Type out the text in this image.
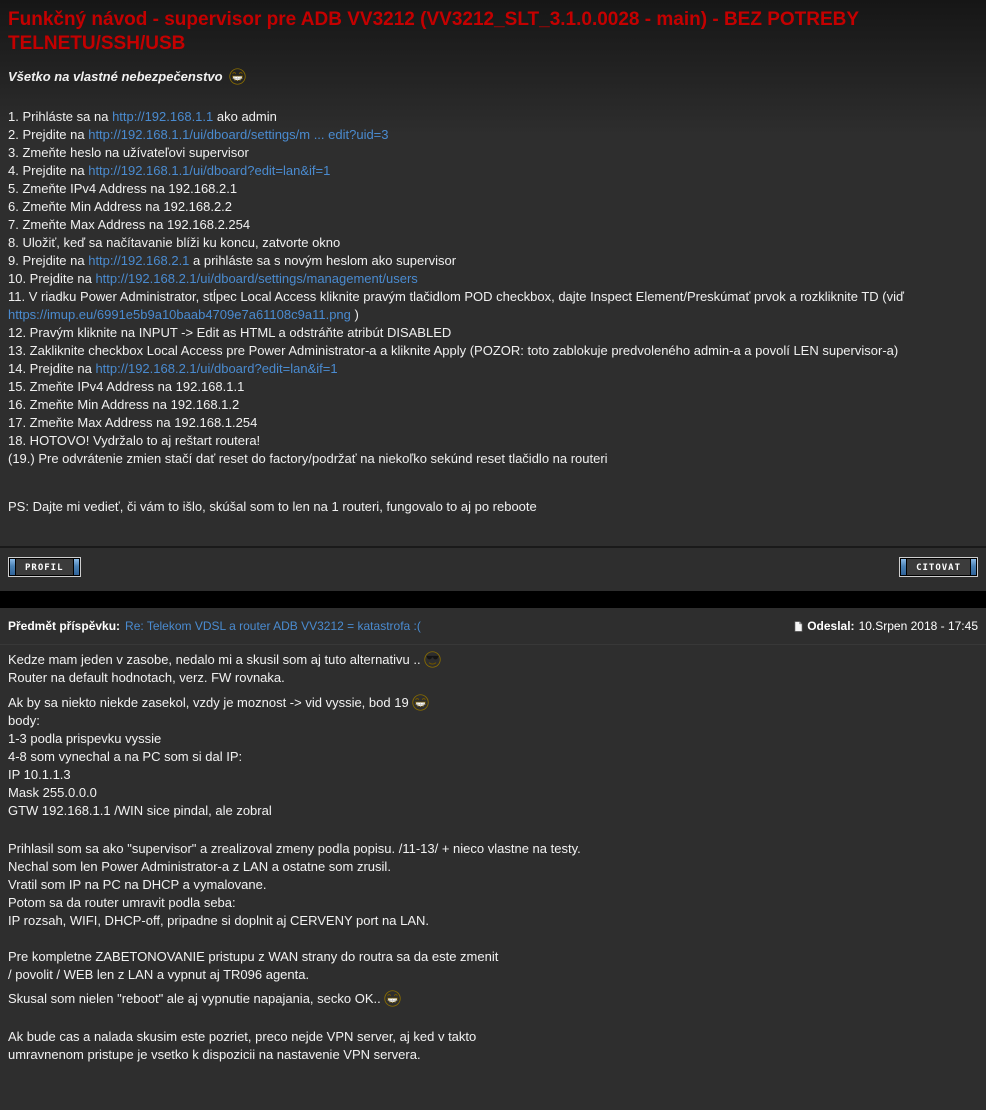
Funkčný návod - supervisor pre ADB VV3212 (VV3212_SLT_3.1.0.0028 - main) - BEZ POTREBY TELNETU/SSH/USB
Všetko na vlastné nebezpečenstvo
1. Prihláste sa na http://192.168.1.1 ako admin
2. Prejdite na http://192.168.1.1/ui/dboard/settings/m ... edit?uid=3
3. Zmeňte heslo na užívateľovi supervisor
4. Prejdite na http://192.168.1.1/ui/dboard?edit=lan&if=1
5. Zmeňte IPv4 Address na 192.168.2.1
6. Zmeňte Min Address na 192.168.2.2
7. Zmeňte Max Address na 192.168.2.254
8. Uložiť, keď sa načítavanie blíži ku koncu, zatvorte okno
9. Prejdite na http://192.168.2.1 a prihláste sa s novým heslom ako supervisor
10. Prejdite na http://192.168.2.1/ui/dboard/settings/management/users
11. V riadku Power Administrator, stĺpec Local Access kliknite pravým tlačidlom POD checkbox, dajte Inspect Element/Preskúmať prvok a rozkliknite TD (viď https://imup.eu/6991e5b9a10baab4709e7a61108c9a11.png )
12. Pravým kliknite na INPUT -> Edit as HTML a odstráňte atribút DISABLED
13. Zakliknite checkbox Local Access pre Power Administrator-a a kliknite Apply (POZOR: toto zablokuje predvoleného admin-a a povolí LEN supervisor-a)
14. Prejdite na http://192.168.2.1/ui/dboard?edit=lan&if=1
15. Zmeňte IPv4 Address na 192.168.1.1
16. Zmeňte Min Address na 192.168.1.2
17. Zmeňte Max Address na 192.168.1.254
18. HOTOVO! Vydržalo to aj reštart routera!
(19.) Pre odvrátenie zmien stačí dať reset do factory/podržať na niekoľko sekúnd reset tlačidlo na routeri
PS: Dajte mi vedieť, či vám to išlo, skúšal som to len na 1 routeri, fungovalo to aj po reboote
PROFIL	CITOVAT
Předmět příspěvku: Re: Telekom VDSL a router ADB VV3212 = katastrofa :(	Odeslal: 10.Srpen 2018 - 17:45
Kedze mam jeden v zasobe, nedalo mi a skusil som aj tuto alternativu ..
Router na default hodnotach, verz. FW rovnaka.
Ak by sa niekto niekde zasekol, vzdy je moznost -> vid vyssie, bod 19
body:
1-3 podla prispevku vyssie
4-8 som vynechal a na PC som si dal IP:
IP 10.1.1.3
Mask 255.0.0.0
GTW 192.168.1.1 /WIN sice pindal, ale zobral
Prihlasil som sa ako "supervisor" a zrealizoval zmeny podla popisu. /11-13/ + nieco vlastne na testy.
Nechal som len Power Administrator-a z LAN a ostatne som zrusil.
Vratil som IP na PC na DHCP a vymalovane.
Potom sa da router umravit podla seba:
IP rozsah, WIFI, DHCP-off, pripadne si doplnit aj CERVENY port na LAN.
Pre kompletne ZABETONOVANIE pristupu z WAN strany do routra sa da este zmenit
/ povolit / WEB len z LAN a vypnut aj TR096 agenta.
Skusal som nielen "reboot" ale aj vypnutie napajania, secko OK..
Ak bude cas a nalada skusim este pozriet, preco nejde VPN server, aj ked v takto
umravnenom pristupe je vsetko k dispozicii na nastavenie VPN servera.
